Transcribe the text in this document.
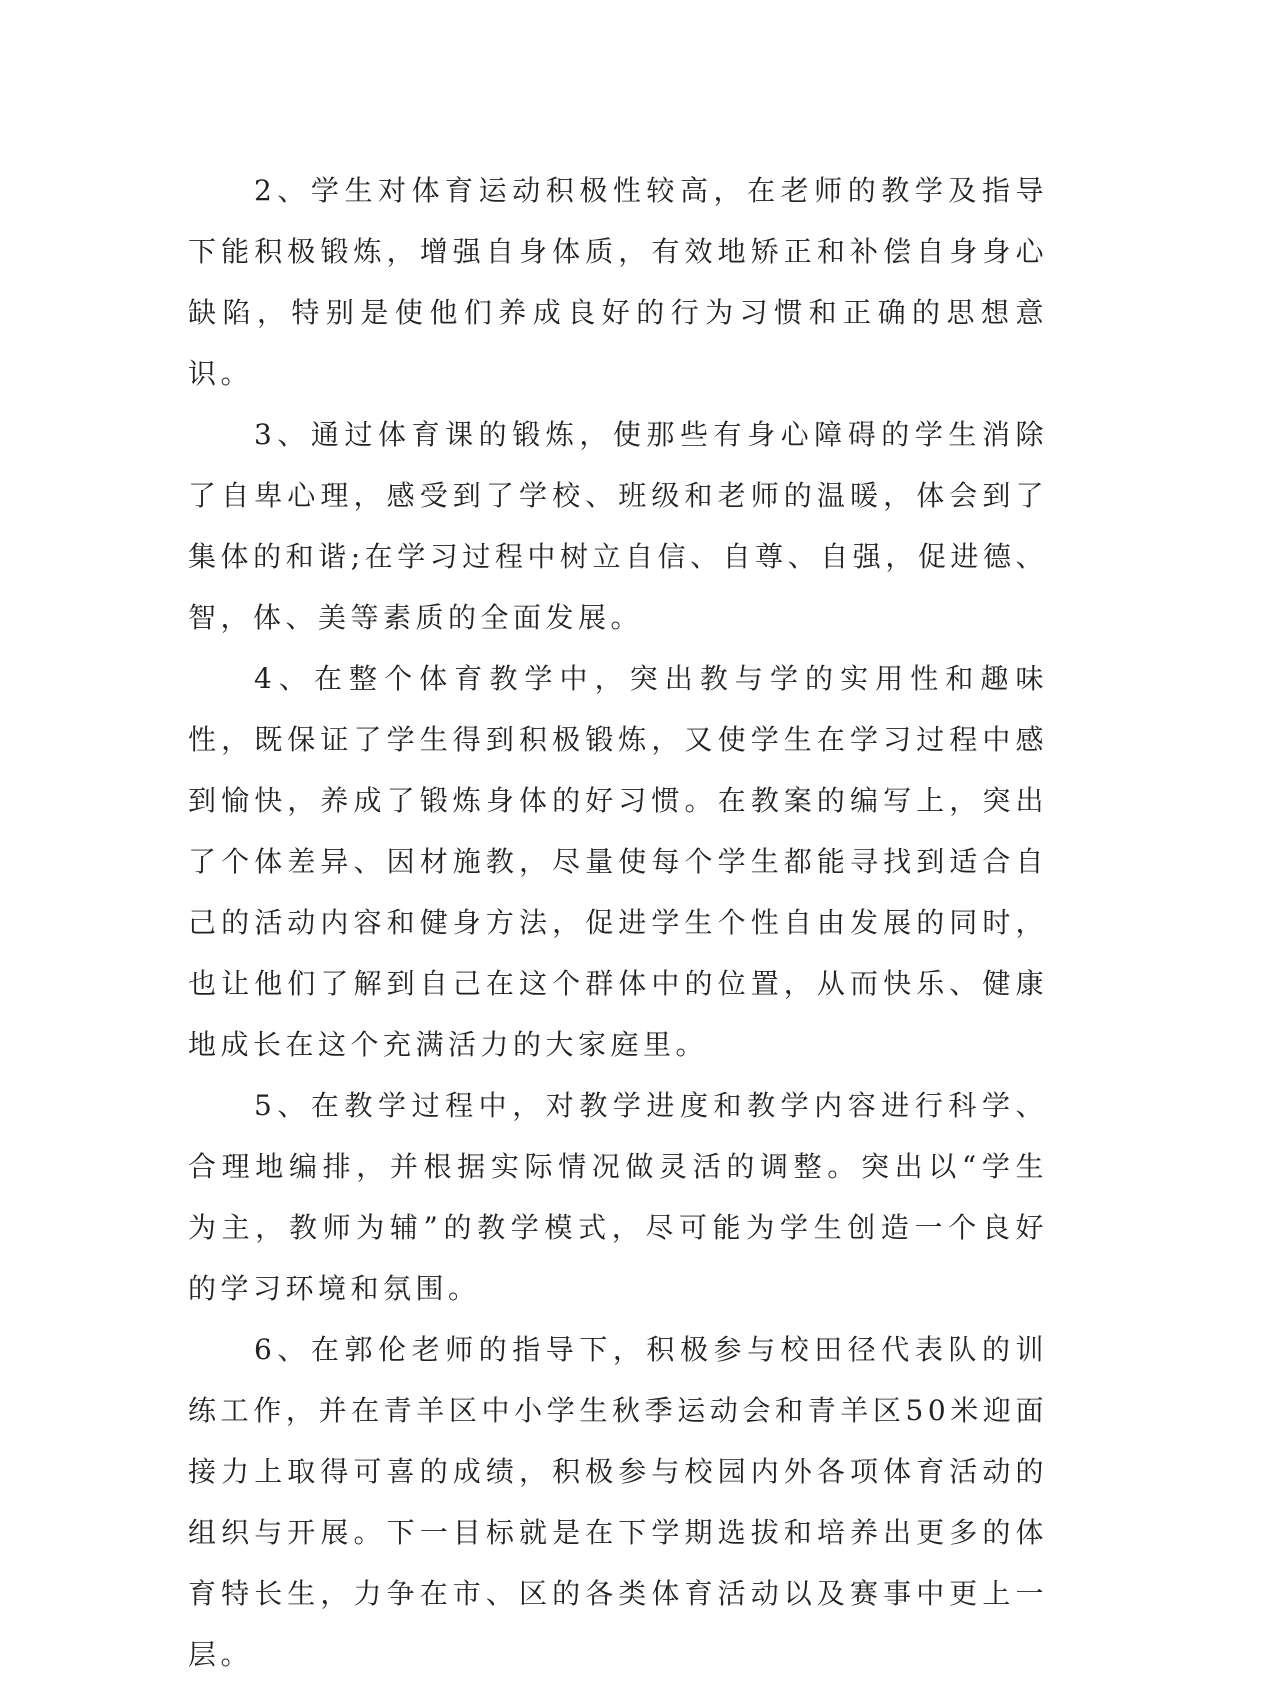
2、学生对体育运动积极性较高，在老师的教学及指导下能积极锻炼，增强自身体质，有效地矫正和补偿自身身心缺陷，特别是使他们养成良好的行为习惯和正确的思想意识。

3、通过体育课的锻炼，使那些有身心障碍的学生消除了自卑心理，感受到了学校、班级和老师的温暖，体会到了集体的和谐;在学习过程中树立自信、自尊、自强，促进德、智，体、美等素质的全面发展。

4、在整个体育教学中，突出教与学的实用性和趣味性，既保证了学生得到积极锻炼，又使学生在学习过程中感到愉快，养成了锻炼身体的好习惯。在教案的编写上，突出了个体差异、因材施教，尽量使每个学生都能寻找到适合自己的活动内容和健身方法，促进学生个性自由发展的同时，也让他们了解到自己在这个群体中的位置，从而快乐、健康地成长在这个充满活力的大家庭里。

5、在教学过程中，对教学进度和教学内容进行科学、合理地编排，并根据实际情况做灵活的调整。突出以“学生为主，教师为辅”的教学模式，尽可能为学生创造一个良好的学习环境和氛围。

6、在郭伦老师的指导下，积极参与校田径代表队的训练工作，并在青羊区中小学生秋季运动会和青羊区50米迎面接力上取得可喜的成绩，积极参与校园内外各项体育活动的组织与开展。下一目标就是在下学期选拔和培养出更多的体育特长生，力争在市、区的各类体育活动以及赛事中更上一层。
